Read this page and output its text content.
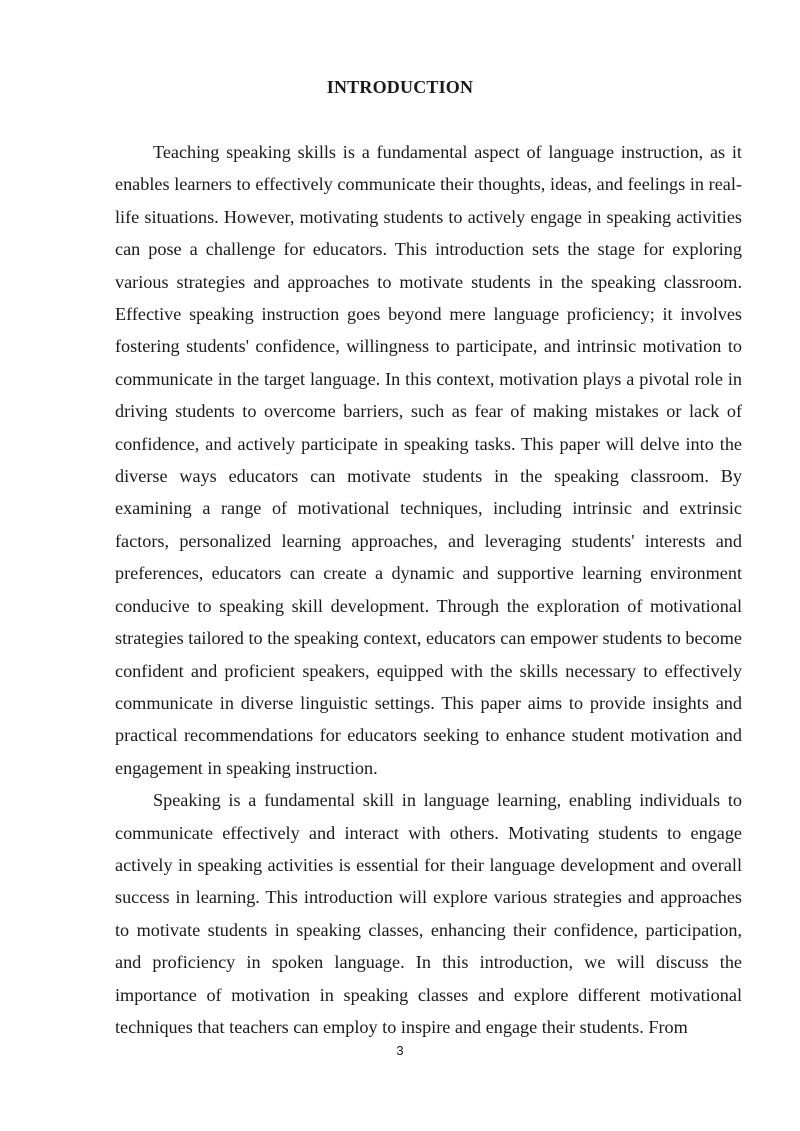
INTRODUCTION

Teaching speaking skills is a fundamental aspect of language instruction, as it enables learners to effectively communicate their thoughts, ideas, and feelings in real-life situations. However, motivating students to actively engage in speaking activities can pose a challenge for educators. This introduction sets the stage for exploring various strategies and approaches to motivate students in the speaking classroom. Effective speaking instruction goes beyond mere language proficiency; it involves fostering students' confidence, willingness to participate, and intrinsic motivation to communicate in the target language. In this context, motivation plays a pivotal role in driving students to overcome barriers, such as fear of making mistakes or lack of confidence, and actively participate in speaking tasks. This paper will delve into the diverse ways educators can motivate students in the speaking classroom. By examining a range of motivational techniques, including intrinsic and extrinsic factors, personalized learning approaches, and leveraging students' interests and preferences, educators can create a dynamic and supportive learning environment conducive to speaking skill development. Through the exploration of motivational strategies tailored to the speaking context, educators can empower students to become confident and proficient speakers, equipped with the skills necessary to effectively communicate in diverse linguistic settings. This paper aims to provide insights and practical recommendations for educators seeking to enhance student motivation and engagement in speaking instruction.

Speaking is a fundamental skill in language learning, enabling individuals to communicate effectively and interact with others. Motivating students to engage actively in speaking activities is essential for their language development and overall success in learning. This introduction will explore various strategies and approaches to motivate students in speaking classes, enhancing their confidence, participation, and proficiency in spoken language. In this introduction, we will discuss the importance of motivation in speaking classes and explore different motivational techniques that teachers can employ to inspire and engage their students. From

3
